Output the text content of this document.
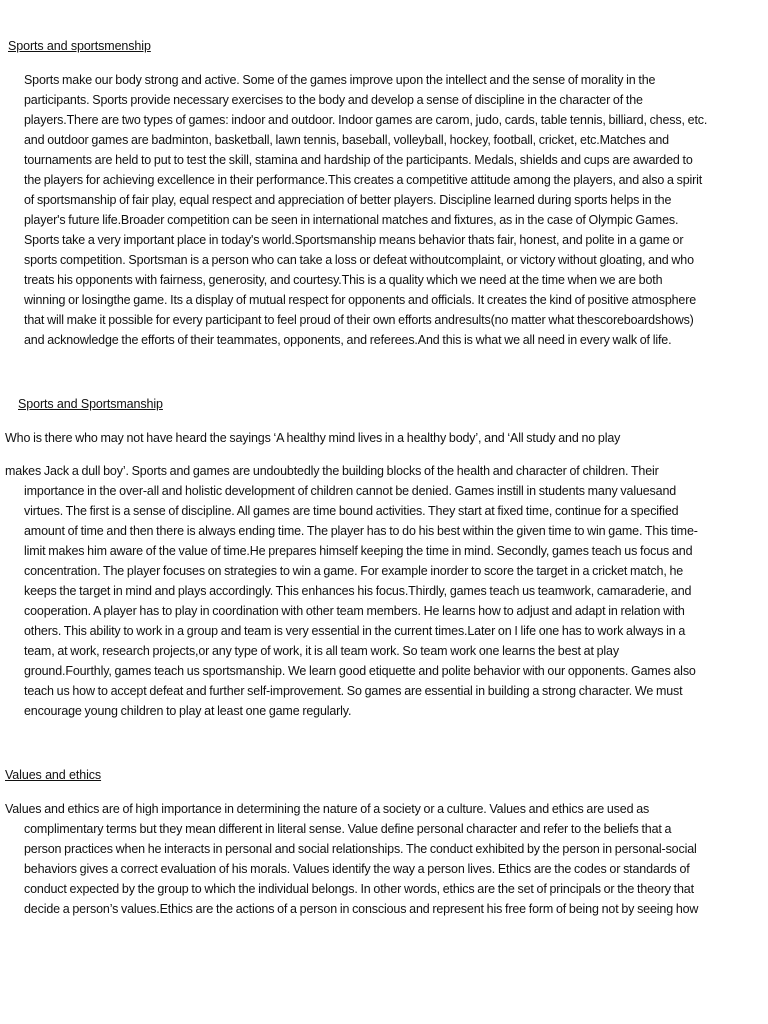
Sports and sportsmenship
Sports make our body strong and active. Some of the games improve upon the intellect and the sense of morality in the
participants. Sports provide necessary exercises to the body and develop a sense of discipline in the character of the
players.There are two types of games: indoor and outdoor. Indoor games are carom, judo, cards, table tennis, billiard, chess, etc.
and outdoor games are badminton, basketball, lawn tennis, baseball, volleyball, hockey, football, cricket, etc.Matches and
tournaments are held to put to test the skill, stamina and hardship of the participants. Medals, shields and cups are awarded to
the players for achieving excellence in their performance.This creates a competitive attitude among the players, and also a spirit
of sportsmanship of fair play, equal respect and appreciation of better players. Discipline learned during sports helps in the
player's future life.Broader competition can be seen in international matches and fixtures, as in the case of Olympic Games.
Sports take a very important place in today's world.Sportsmanship means behavior thats fair, honest, and polite in a game or
sports competition. Sportsman is a person who can take a loss or defeat withoutcomplaint, or victory without gloating, and who
treats his opponents with fairness, generosity, and courtesy.This is a quality which we need at the time when we are both
winning or losingthe game. Its a display of mutual respect for opponents and officials. It creates the kind of positive atmosphere
that will make it possible for every participant to feel proud of their own efforts andresults(no matter what thescoreboardshows)
and acknowledge the efforts of their teammates, opponents, and referees.And this is what we all need in every walk of life.
Sports and Sportsmanship
Who is there who may not have heard the sayings ‘A healthy mind lives in a healthy body’, and ‘All study and no play
makes Jack a dull boy’. Sports and games are undoubtedly the building blocks of the health and character of children. Their
importance in the over-all and holistic development of children cannot be denied. Games instill in students many valuesand
virtues. The first is a sense of discipline. All games are time bound activities. They start at fixed time, continue for a specified
amount of time and then there is always ending time. The player has to do his best within the given time to win game. This time-
limit makes him aware of the value of time.He prepares himself keeping the time in mind. Secondly, games teach us focus and
concentration. The player focuses on strategies to win a game. For example inorder to score the target in a cricket match, he
keeps the target in mind and plays accordingly. This enhances his focus.Thirdly, games teach us teamwork, camaraderie, and
cooperation. A player has to play in coordination with other team members. He learns how to adjust and adapt in relation with
others. This ability to work in a group and team is very essential in the current times.Later on I life one has to work always in a
team, at work, research projects,or any type of work, it is all team work. So team work one learns the best at play
ground.Fourthly, games teach us sportsmanship. We learn good etiquette and polite behavior with our opponents. Games also
teach us how to accept defeat and further self-improvement. So games are essential in building a strong character. We must
encourage young children to play at least one game regularly.
Values and ethics
Values and ethics are of high importance in determining the nature of a society or a culture. Values and ethics are used as
complimentary terms but they mean different in literal sense. Value define personal character and refer to the beliefs that a
person practices when he interacts in personal and social relationships. The conduct exhibited by the person in personal-social
behaviors gives a correct evaluation of his morals. Values identify the way a person lives. Ethics are the codes or standards of
conduct expected by the group to which the individual belongs. In other words, ethics are the set of principals or the theory that
decide a person’s values.Ethics are the actions of a person in conscious and represent his free form of being not by seeing how
